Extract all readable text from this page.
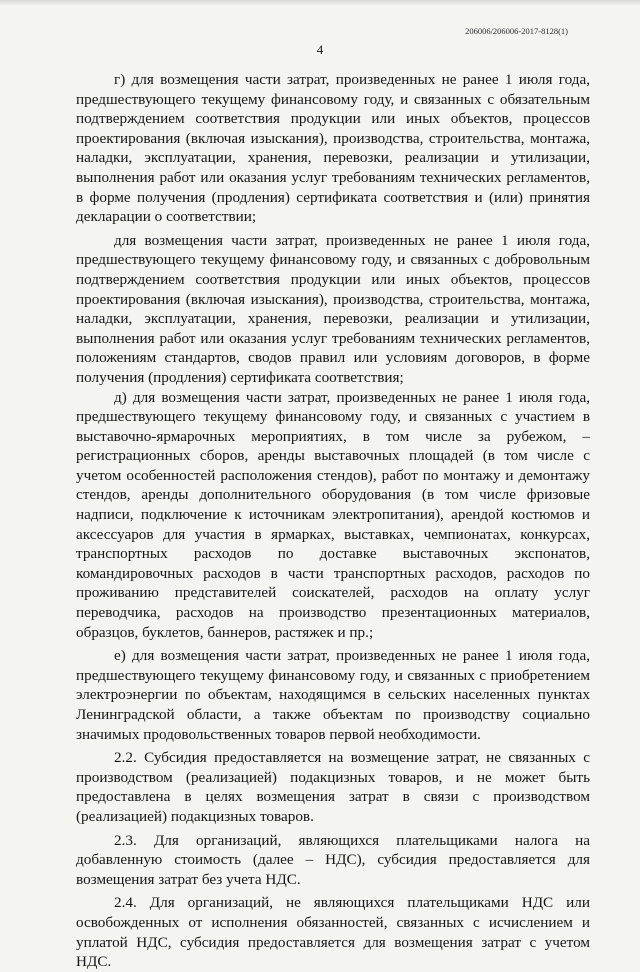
206006/206006-2017-8128(1)
4

г) для возмещения части затрат, произведенных не ранее 1 июля года, предшествующего текущему финансовому году, и связанных с обязательным подтверждением соответствия продукции или иных объектов, процессов проектирования (включая изыскания), производства, строительства, монтажа, наладки, эксплуатации, хранения, перевозки, реализации и утилизации, выполнения работ или оказания услуг требованиям технических регламентов, в форме получения (продления) сертификата соответствия и (или) принятия декларации о соответствии;

для возмещения части затрат, произведенных не ранее 1 июля года, предшествующего текущему финансовому году, и связанных с добровольным подтверждением соответствия продукции или иных объектов, процессов проектирования (включая изыскания), производства, строительства, монтажа, наладки, эксплуатации, хранения, перевозки, реализации и утилизации, выполнения работ или оказания услуг требованиям технических регламентов, положениям стандартов, сводов правил или условиям договоров, в форме получения (продления) сертификата соответствия;

д) для возмещения части затрат, произведенных не ранее 1 июля года, предшествующего текущему финансовому году, и связанных с участием в выставочно-ярмарочных мероприятиях, в том числе за рубежом, – регистрационных сборов, аренды выставочных площадей (в том числе с учетом особенностей расположения стендов), работ по монтажу и демонтажу стендов, аренды дополнительного оборудования (в том числе фризовые надписи, подключение к источникам электропитания), арендой костюмов и аксессуаров для участия в ярмарках, выставках, чемпионатах, конкурсах, транспортных расходов по доставке выставочных экспонатов, командировочных расходов в части транспортных расходов, расходов по проживанию представителей соискателей, расходов на оплату услуг переводчика, расходов на производство презентационных материалов, образцов, буклетов, баннеров, растяжек и пр.;

е) для возмещения части затрат, произведенных не ранее 1 июля года, предшествующего текущему финансовому году, и связанных с приобретением электроэнергии по объектам, находящимся в сельских населенных пунктах Ленинградской области, а также объектам по производству социально значимых продовольственных товаров первой необходимости.

2.2. Субсидия предоставляется на возмещение затрат, не связанных с производством (реализацией) подакцизных товаров, и не может быть предоставлена в целях возмещения затрат в связи с производством (реализацией) подакцизных товаров.

2.3. Для организаций, являющихся плательщиками налога на добавленную стоимость (далее – НДС), субсидия предоставляется для возмещения затрат без учета НДС.

2.4. Для организаций, не являющихся плательщиками НДС или освобожденных от исполнения обязанностей, связанных с исчислением и уплатой НДС, субсидия предоставляется для возмещения затрат с учетом НДС.
